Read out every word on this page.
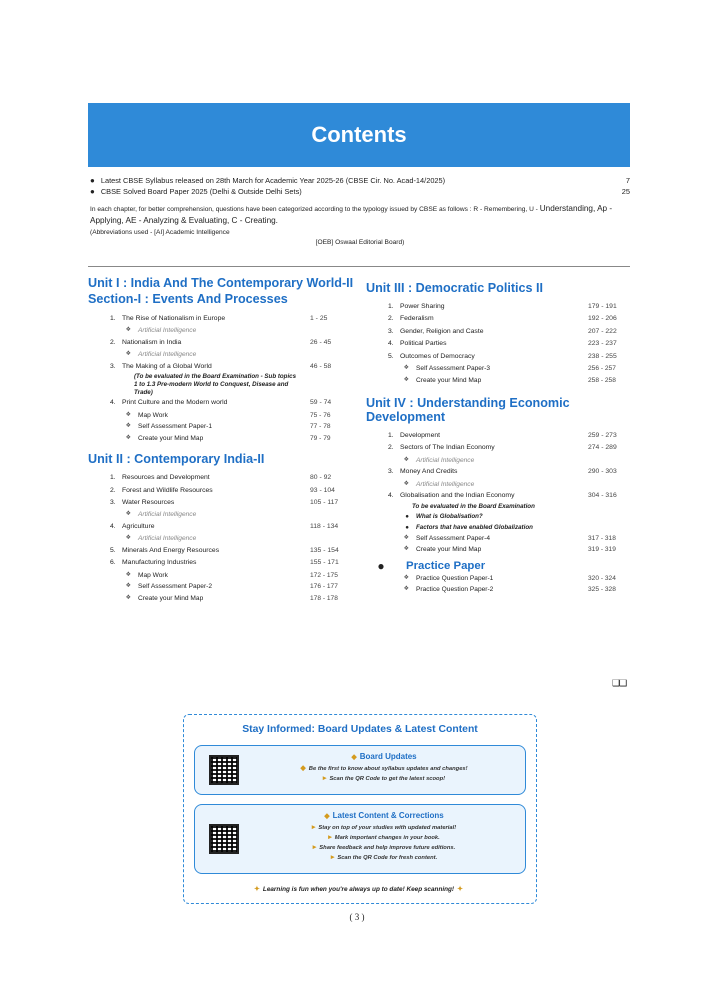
Contents
● Latest CBSE Syllabus released on 28th March for Academic Year 2025-26 (CBSE Cir. No. Acad-14/2025)	7
● CBSE Solved Board Paper 2025 (Delhi & Outside Delhi Sets)	25
In each chapter, for better comprehension, questions have been categorized according to the typology issued by CBSE as follows : R - Remembering, U - Understanding, Ap - Applying, AE - Analyzing & Evaluating, C - Creating.
(Abbreviations used - [AI] Academic Intelligence
[OEB] Oswaal Editorial Board)
Unit I : India And The Contemporary World-II
Section-I : Events And Processes
1. The Rise of Nationalism in Europe	1 - 25
❖	Artificial Intelligence
2. Nationalism in India	26 - 45
❖	Artificial Intelligence
3. The Making of a Global World	46 - 58
(To be evaluated in the Board Examination - Sub topics 1 to 1.3 Pre-modern World to Conquest, Disease and Trade)
4. Print Culture and the Modern world	59 - 74
❖	Map Work	75 - 76
❖	Self Assessment Paper-1	77 - 78
❖	Create your Mind Map	79 - 79
Unit II : Contemporary India-II
1. Resources and Development	80 - 92
2. Forest and Wildlife Resources	93 - 104
3. Water Resources	105 - 117
❖	Artificial Intelligence
4. Agriculture	118 - 134
❖	Artificial Intelligence
5. Minerals And Energy Resources	135 - 154
6. Manufacturing Industries	155 - 171
❖	Map Work	172 - 175
❖	Self Assessment Paper-2	176 - 177
❖	Create your Mind Map	178 - 178
Unit III : Democratic Politics II
1. Power Sharing	179 - 191
2. Federalism	192 - 206
3. Gender, Religion and Caste	207 - 222
4. Political Parties	223 - 237
5. Outcomes of Democracy	238 - 255
❖	Self Assessment Paper-3	256 - 257
❖	Create your Mind Map	258 - 258
Unit IV : Understanding Economic Development
1. Development	259 - 273
2. Sectors of The Indian Economy	274 - 289
❖	Artificial Intelligence
3. Money And Credits	290 - 303
❖	Artificial Intelligence
4. Globalisation and the Indian Economy	304 - 316
To be evaluated in the Board Examination
●	What is Globalisation?
●	Factors that have enabled Globalization
❖	Self Assessment Paper-4	317 - 318
❖	Create your Mind Map	319 - 319
●	Practice Paper
❖	Practice Question Paper-1	320 - 324
❖	Practice Question Paper-2	325 - 328
❑❑
Stay Informed: Board Updates & Latest Content
◆ Board Updates
◆ Be the first to know about syllabus updates and changes!
▸ Scan the QR Code to get the latest scoop!
◆ Latest Content & Corrections
▸ Stay on top of your studies with updated material!
▸ Mark important changes in your book.
▸ Share feedback and help improve future editions.
▸ Scan the QR Code for fresh content.
✦ Learning is fun when you're always up to date! Keep scanning! ✦
( 3 )
